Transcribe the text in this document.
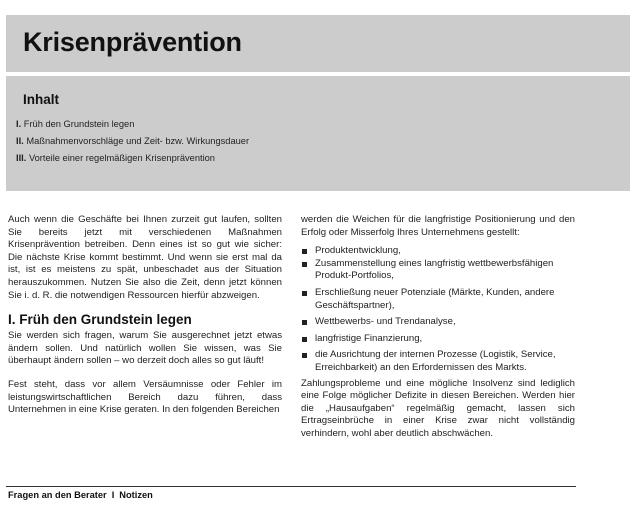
Krisenprävention
Inhalt
I. Früh den Grundstein legen
II. Maßnahmenvorschläge und Zeit- bzw. Wirkungsdauer
III. Vorteile einer regelmäßigen Krisenprävention

Auch wenn die Geschäfte bei Ihnen zurzeit gut laufen, sollten Sie bereits jetzt mit verschiedenen Maßnahmen Krisenprävention betreiben. Denn eines ist so gut wie sicher: Die nächste Krise kommt bestimmt. Und wenn sie erst mal da ist, ist es meistens zu spät, unbeschadet aus der Situation herauszukommen. Nutzen Sie also die Zeit, denn jetzt können Sie i. d. R. die notwendigen Ressourcen hierfür abzweigen.

I. Früh den Grundstein legen

Sie werden sich fragen, warum Sie ausgerechnet jetzt etwas ändern sollen. Und natürlich wollen Sie wissen, was Sie überhaupt ändern sollen – wo derzeit doch alles so gut läuft!

Fest steht, dass vor allem Versäumnisse oder Fehler im leistungswirtschaftlichen Bereich dazu führen, dass Unternehmen in eine Krise geraten. In den folgenden Bereichen

werden die Weichen für die langfristige Positionierung und den Erfolg oder Misserfolg Ihres Unternehmens gestellt:

Produktentwicklung,
Zusammenstellung eines langfristig wettbewerbsfähigen Produkt-Portfolios,
Erschließung neuer Potenziale (Märkte, Kunden, andere Geschäftspartner),
Wettbewerbs- und Trendanalyse,
langfristige Finanzierung,
die Ausrichtung der internen Prozesse (Logistik, Service, Erreichbarkeit) an den Erfordernissen des Markts.

Zahlungsprobleme und eine mögliche Insolvenz sind lediglich eine Folge möglicher Defizite in diesen Bereichen. Werden hier die „Hausaufgaben“ regelmäßig gemacht, lassen sich Ertragseinbrüche in einer Krise zwar nicht vollständig verhindern, wohl aber deutlich abschwächen.

Fragen an den Berater I Notizen
